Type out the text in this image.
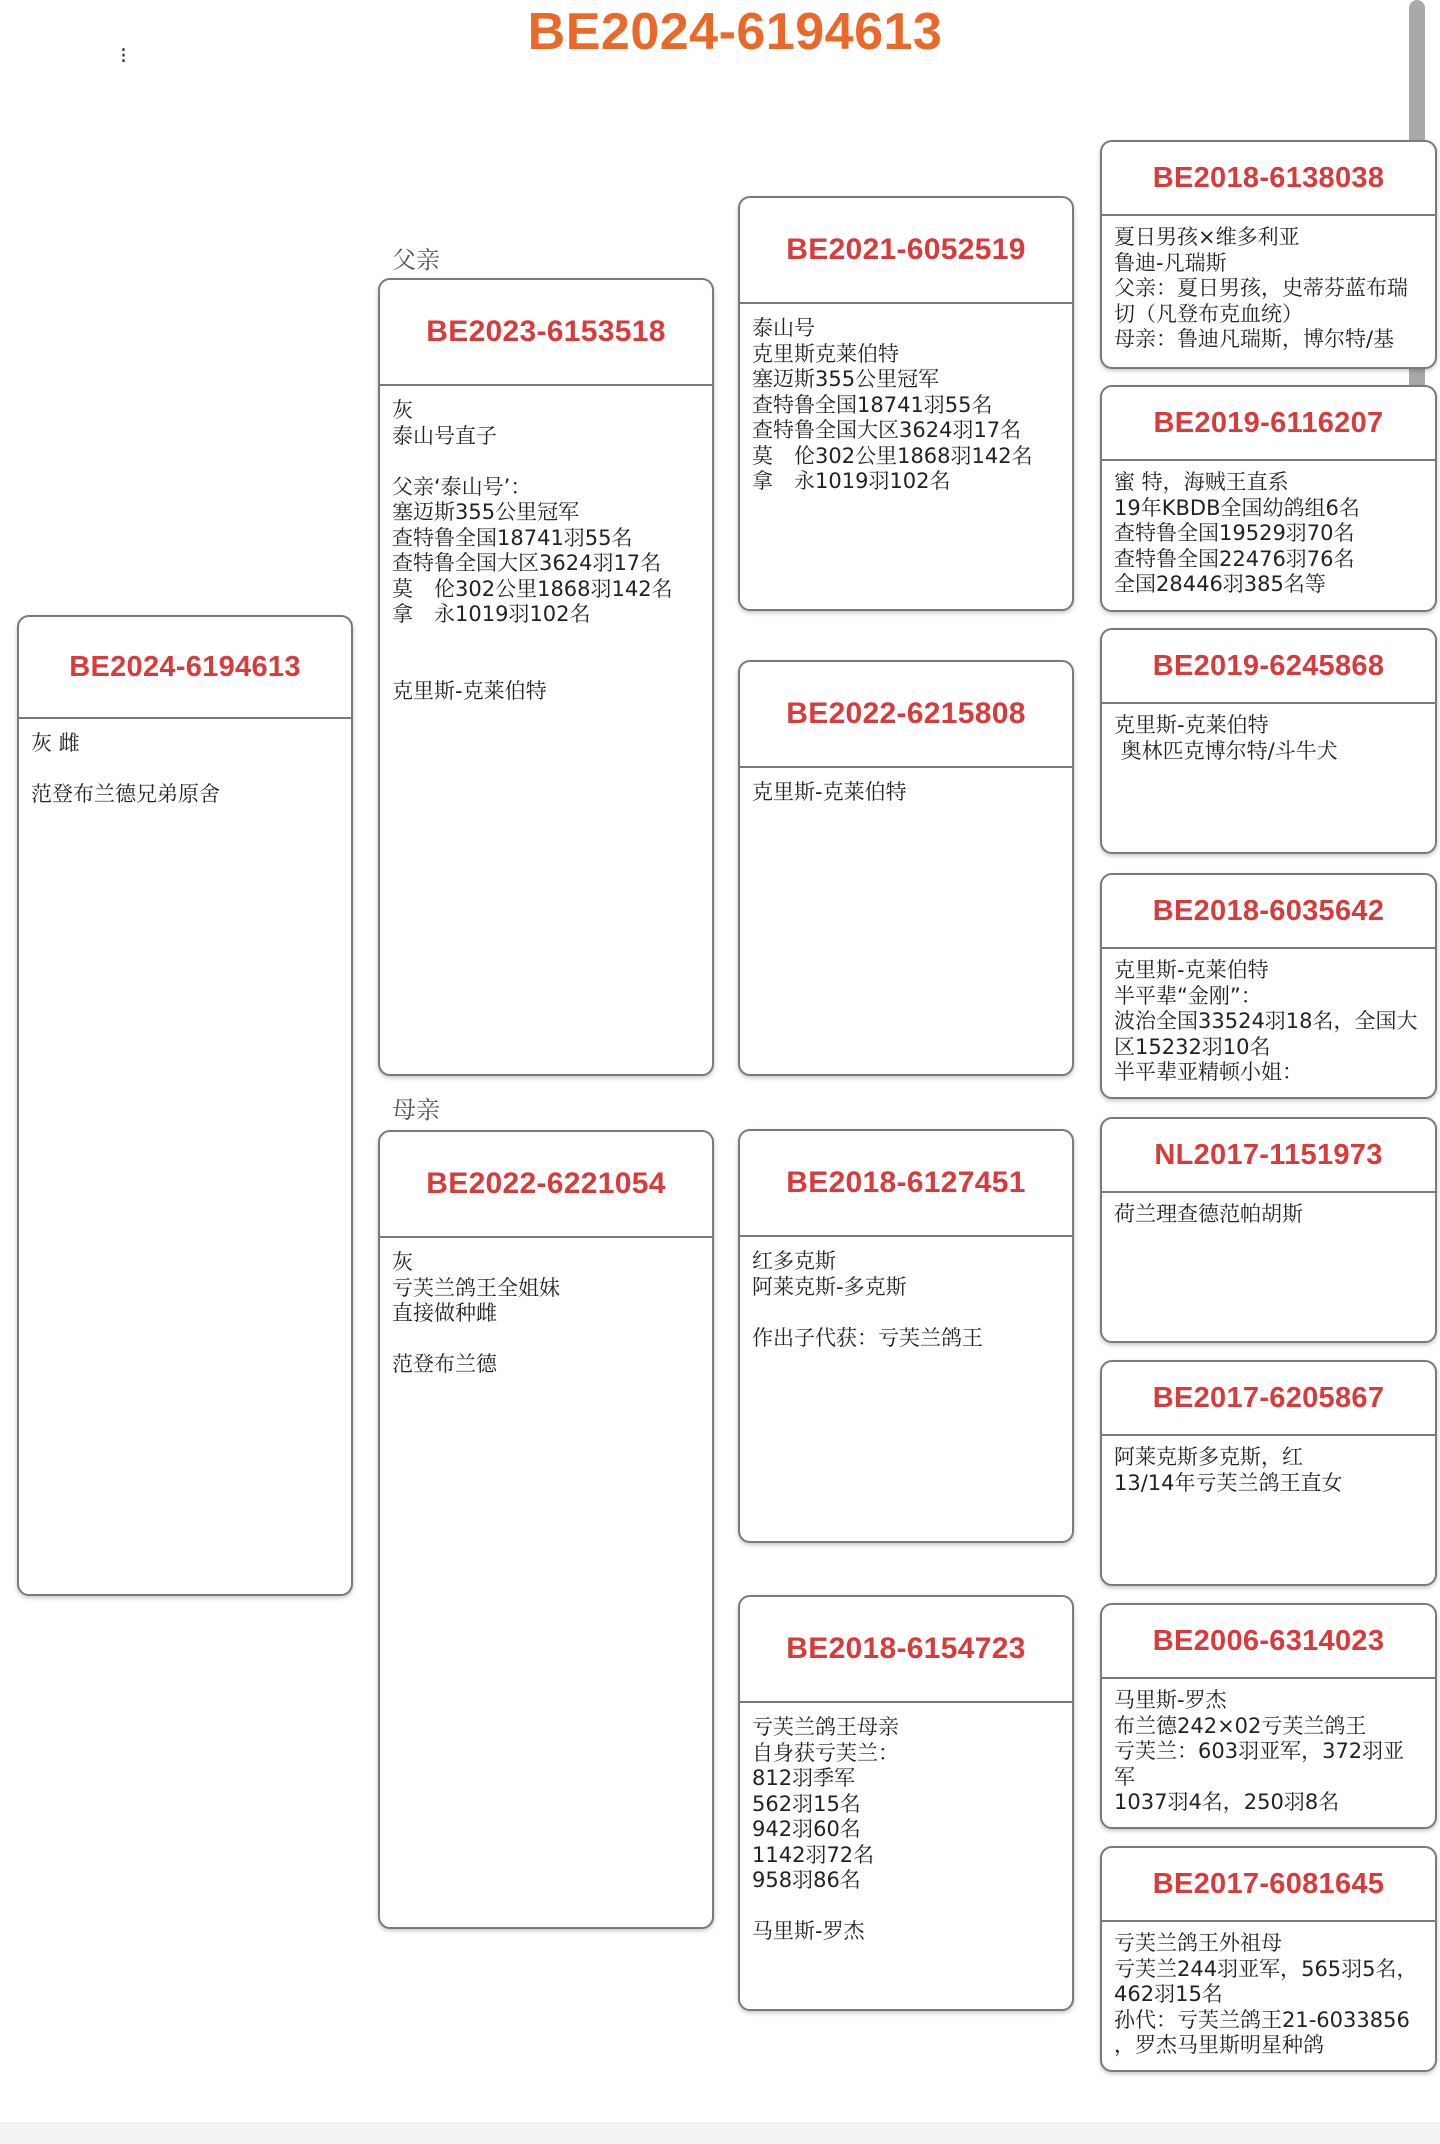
BE2024-6194613
⁝
父亲
母亲
BE2024-6194613
灰 雌

范登布兰德兄弟原舍
BE2023-6153518
灰
泰山号直子

父亲‘泰山号’：
塞迈斯355公里冠军
查特鲁全国18741羽55名
查特鲁全国大区3624羽17名
莫　伦302公里1868羽142名
拿　永1019羽102名

克里斯-克莱伯特
BE2022-6221054
灰
亏芙兰鸽王全姐妹
直接做种雌

范登布兰德
BE2021-6052519
泰山号
克里斯克莱伯特
塞迈斯355公里冠军
查特鲁全国18741羽55名
查特鲁全国大区3624羽17名
莫　伦302公里1868羽142名
拿　永1019羽102名
BE2022-6215808
克里斯-克莱伯特
BE2018-6127451
红多克斯
阿莱克斯-多克斯

作出子代获：亏芙兰鸽王
BE2018-6154723
亏芙兰鸽王母亲
自身获亏芙兰：
812羽季军
562羽15名
942羽60名
1142羽72名
958羽86名

马里斯-罗杰
BE2018-6138038
夏日男孩×维多利亚
鲁迪-凡瑞斯
父亲：夏日男孩，史蒂芬蓝布瑞
切（凡登布克血统）
母亲：鲁迪凡瑞斯，博尔特/基
BE2019-6116207
蜜 特，海贼王直系
19年KBDB全国幼鸽组6名
查特鲁全国19529羽70名
查特鲁全国22476羽76名
全国28446羽385名等
BE2019-6245868
克里斯-克莱伯特
奥林匹克博尔特/斗牛犬
BE2018-6035642
克里斯-克莱伯特
半平辈“金刚”：
波治全国33524羽18名，全国大
区15232羽10名
半平辈亚精顿小姐：
NL2017-1151973
荷兰理查德范帕胡斯
BE2017-6205867
阿莱克斯多克斯，红
13/14年亏芙兰鸽王直女
BE2006-6314023
马里斯-罗杰
布兰德242×02亏芙兰鸽王
亏芙兰：603羽亚军，372羽亚
军
1037羽4名，250羽8名
BE2017-6081645
亏芙兰鸽王外祖母
亏芙兰244羽亚军，565羽5名，
462羽15名
孙代：亏芙兰鸽王21-6033856
，罗杰马里斯明星种鸽
